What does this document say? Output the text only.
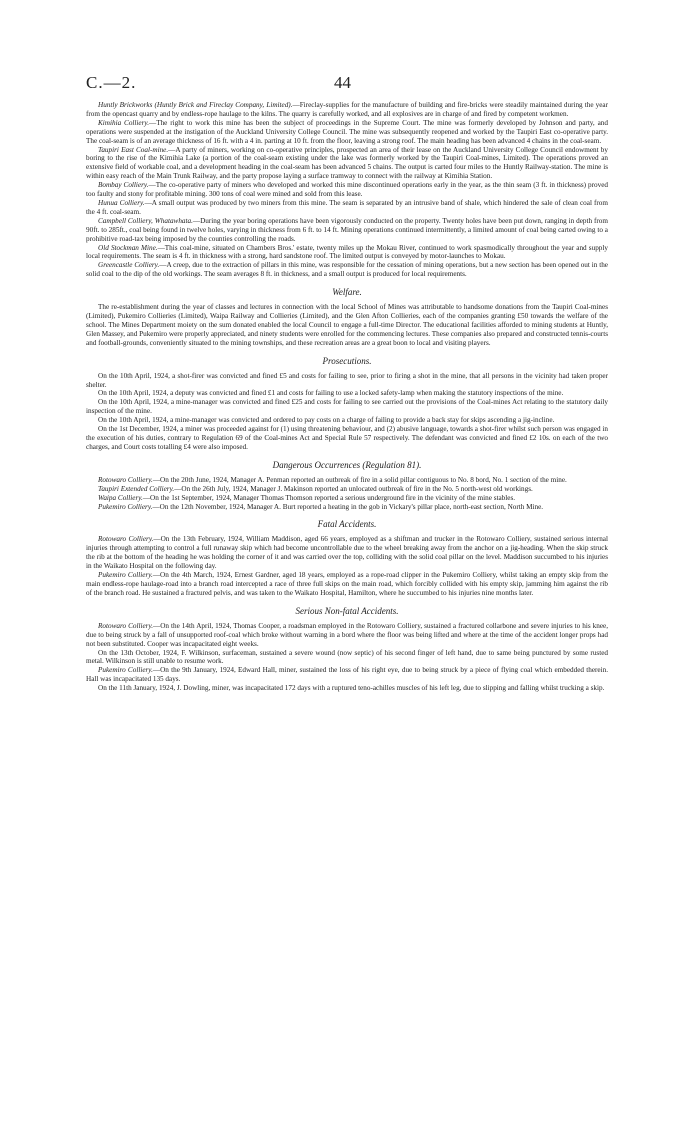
C.—2.	44

Huntly Brickworks (Huntly Brick and Fireclay Company, Limited).—Fireclay-supplies for the manufacture of building and fire-bricks were steadily maintained during the year from the opencast quarry and by endless-rope haulage to the kilns. The quarry is carefully worked, and all explosives are in charge of and fired by competent workmen.

Kimihia Colliery.—The right to work this mine has been the subject of proceedings in the Supreme Court. The mine was formerly developed by Johnson and party, and operations were suspended at the instigation of the Auckland University College Council. The mine was subsequently reopened and worked by the Taupiri East co-operative party. The coal-seam is of an average thickness of 16 ft. with a 4 in. parting at 10 ft. from the floor, leaving a strong roof. The main heading has been advanced 4 chains in the coal-seam.

Taupiri East Coal-mine.—A party of miners, working on co-operative principles, prospected an area of their lease on the Auckland University College Council endowment by boring to the rise of the Kimihia Lake (a portion of the coal-seam existing under the lake was formerly worked by the Taupiri Coal-mines, Limited). The operations proved an extensive field of workable coal, and a development heading in the coal-seam has been advanced 5 chains. The output is carted four miles to the Huntly Railway-station. The mine is within easy reach of the Main Trunk Railway, and the party propose laying a surface tramway to connect with the railway at Kimihia Station.

Bombay Colliery.—The co-operative party of miners who developed and worked this mine discontinued operations early in the year, as the thin seam (3 ft. in thickness) proved too faulty and stony for profitable mining. 300 tons of coal were mined and sold from this lease.

Hunua Colliery.—A small output was produced by two miners from this mine. The seam is separated by an intrusive band of shale, which hindered the sale of clean coal from the 4 ft. coal-seam.

Campbell Colliery, Whatawhata.—During the year boring operations have been vigorously conducted on the property. Twenty holes have been put down, ranging in depth from 90ft. to 285ft., coal being found in twelve holes, varying in thickness from 6 ft. to 14 ft. Mining operations continued intermittently, a limited amount of coal being carted owing to a prohibitive road-tax being imposed by the counties controlling the roads.

Old Stockman Mine.—This coal-mine, situated on Chambers Bros.' estate, twenty miles up the Mokau River, continued to work spasmodically throughout the year and supply local requirements. The seam is 4 ft. in thickness with a strong, hard sandstone roof. The limited output is conveyed by motor-launches to Mokau.

Greencastle Colliery.—A creep, due to the extraction of pillars in this mine, was responsible for the cessation of mining operations, but a new section has been opened out in the solid coal to the dip of the old workings. The seam averages 8 ft. in thickness, and a small output is produced for local requirements.

Welfare.

The re-establishment during the year of classes and lectures in connection with the local School of Mines was attributable to handsome donations from the Taupiri Coal-mines (Limited), Pukemiro Collieries (Limited), Waipa Railway and Collieries (Limited), and the Glen Afton Collieries, each of the companies granting £50 towards the welfare of the school. The Mines Department moiety on the sum donated enabled the local Council to engage a full-time Director. The educational facilities afforded to mining students at Huntly, Glen Massey, and Pukemiro were properly appreciated, and ninety students were enrolled for the commencing lectures. These companies also prepared and constructed tennis-courts and football-grounds, conveniently situated to the mining townships, and these recreation areas are a great boon to local and visiting players.

Prosecutions.

On the 10th April, 1924, a shot-firer was convicted and fined £5 and costs for failing to see, prior to firing a shot in the mine, that all persons in the vicinity had taken proper shelter.

On the 10th April, 1924, a deputy was convicted and fined £1 and costs for failing to use a locked safety-lamp when making the statutory inspections of the mine.

On the 10th April, 1924, a mine-manager was convicted and fined £25 and costs for failing to see carried out the provisions of the Coal-mines Act relating to the statutory daily inspection of the mine.

On the 10th April, 1924, a mine-manager was convicted and ordered to pay costs on a charge of failing to provide a back stay for skips ascending a jig-incline.

On the 1st December, 1924, a miner was proceeded against for (1) using threatening behaviour, and (2) abusive language, towards a shot-firer whilst such person was engaged in the execution of his duties, contrary to Regulation 69 of the Coal-mines Act and Special Rule 57 respectively. The defendant was convicted and fined £2 10s. on each of the two charges, and Court costs totalling £4 were also imposed.

Dangerous Occurrences (Regulation 81).

Rotowaro Colliery.—On the 20th June, 1924, Manager A. Penman reported an outbreak of fire in a solid pillar contiguous to No. 8 bord, No. 1 section of the mine.

Taupiri Extended Colliery.—On the 26th July, 1924, Manager J. Makinson reported an unlocated outbreak of fire in the No. 5 north-west old workings.

Waipa Colliery.—On the 1st September, 1924, Manager Thomas Thomson reported a serious underground fire in the vicinity of the mine stables.

Pukemiro Colliery.—On the 12th November, 1924, Manager A. Burt reported a heating in the gob in Vickary's pillar place, north-east section, North Mine.

Fatal Accidents.

Rotowaro Colliery.—On the 13th February, 1924, William Maddison, aged 66 years, employed as a shiftman and trucker in the Rotowaro Colliery, sustained serious internal injuries through attempting to control a full runaway skip which had become uncontrollable due to the wheel breaking away from the anchor on a jig-heading. When the skip struck the rib at the bottom of the heading he was holding the corner of it and was carried over the top, colliding with the solid coal pillar on the level. Maddison succumbed to his injuries in the Waikato Hospital on the following day.

Pukemiro Colliery.—On the 4th March, 1924, Ernest Gardner, aged 18 years, employed as a rope-road clipper in the Pukemiro Colliery, whilst taking an empty skip from the main endless-rope haulage-road into a branch road intercepted a race of three full skips on the main road, which forcibly collided with his empty skip, jamming him against the rib of the branch road. He sustained a fractured pelvis, and was taken to the Waikato Hospital, Hamilton, where he succumbed to his injuries nine months later.

Serious Non-fatal Accidents.

Rotowaro Colliery.—On the 14th April, 1924, Thomas Cooper, a roadsman employed in the Rotowaro Colliery, sustained a fractured collarbone and severe injuries to his knee, due to being struck by a fall of unsupported roof-coal which broke without warning in a bord where the floor was being lifted and where at the time of the accident longer props had not been substituted. Cooper was incapacitated eight weeks.

On the 13th October, 1924, F. Wilkinson, surfaceman, sustained a severe wound (now septic) of his second finger of left hand, due to same being punctured by some rusted metal. Wilkinson is still unable to resume work.

Pukemiro Colliery.—On the 9th January, 1924, Edward Hall, miner, sustained the loss of his right eye, due to being struck by a piece of flying coal which embedded therein. Hall was incapacitated 135 days.

On the 11th January, 1924, J. Dowling, miner, was incapacitated 172 days with a ruptured teno-achilles muscles of his left leg, due to slipping and falling whilst trucking a skip.
